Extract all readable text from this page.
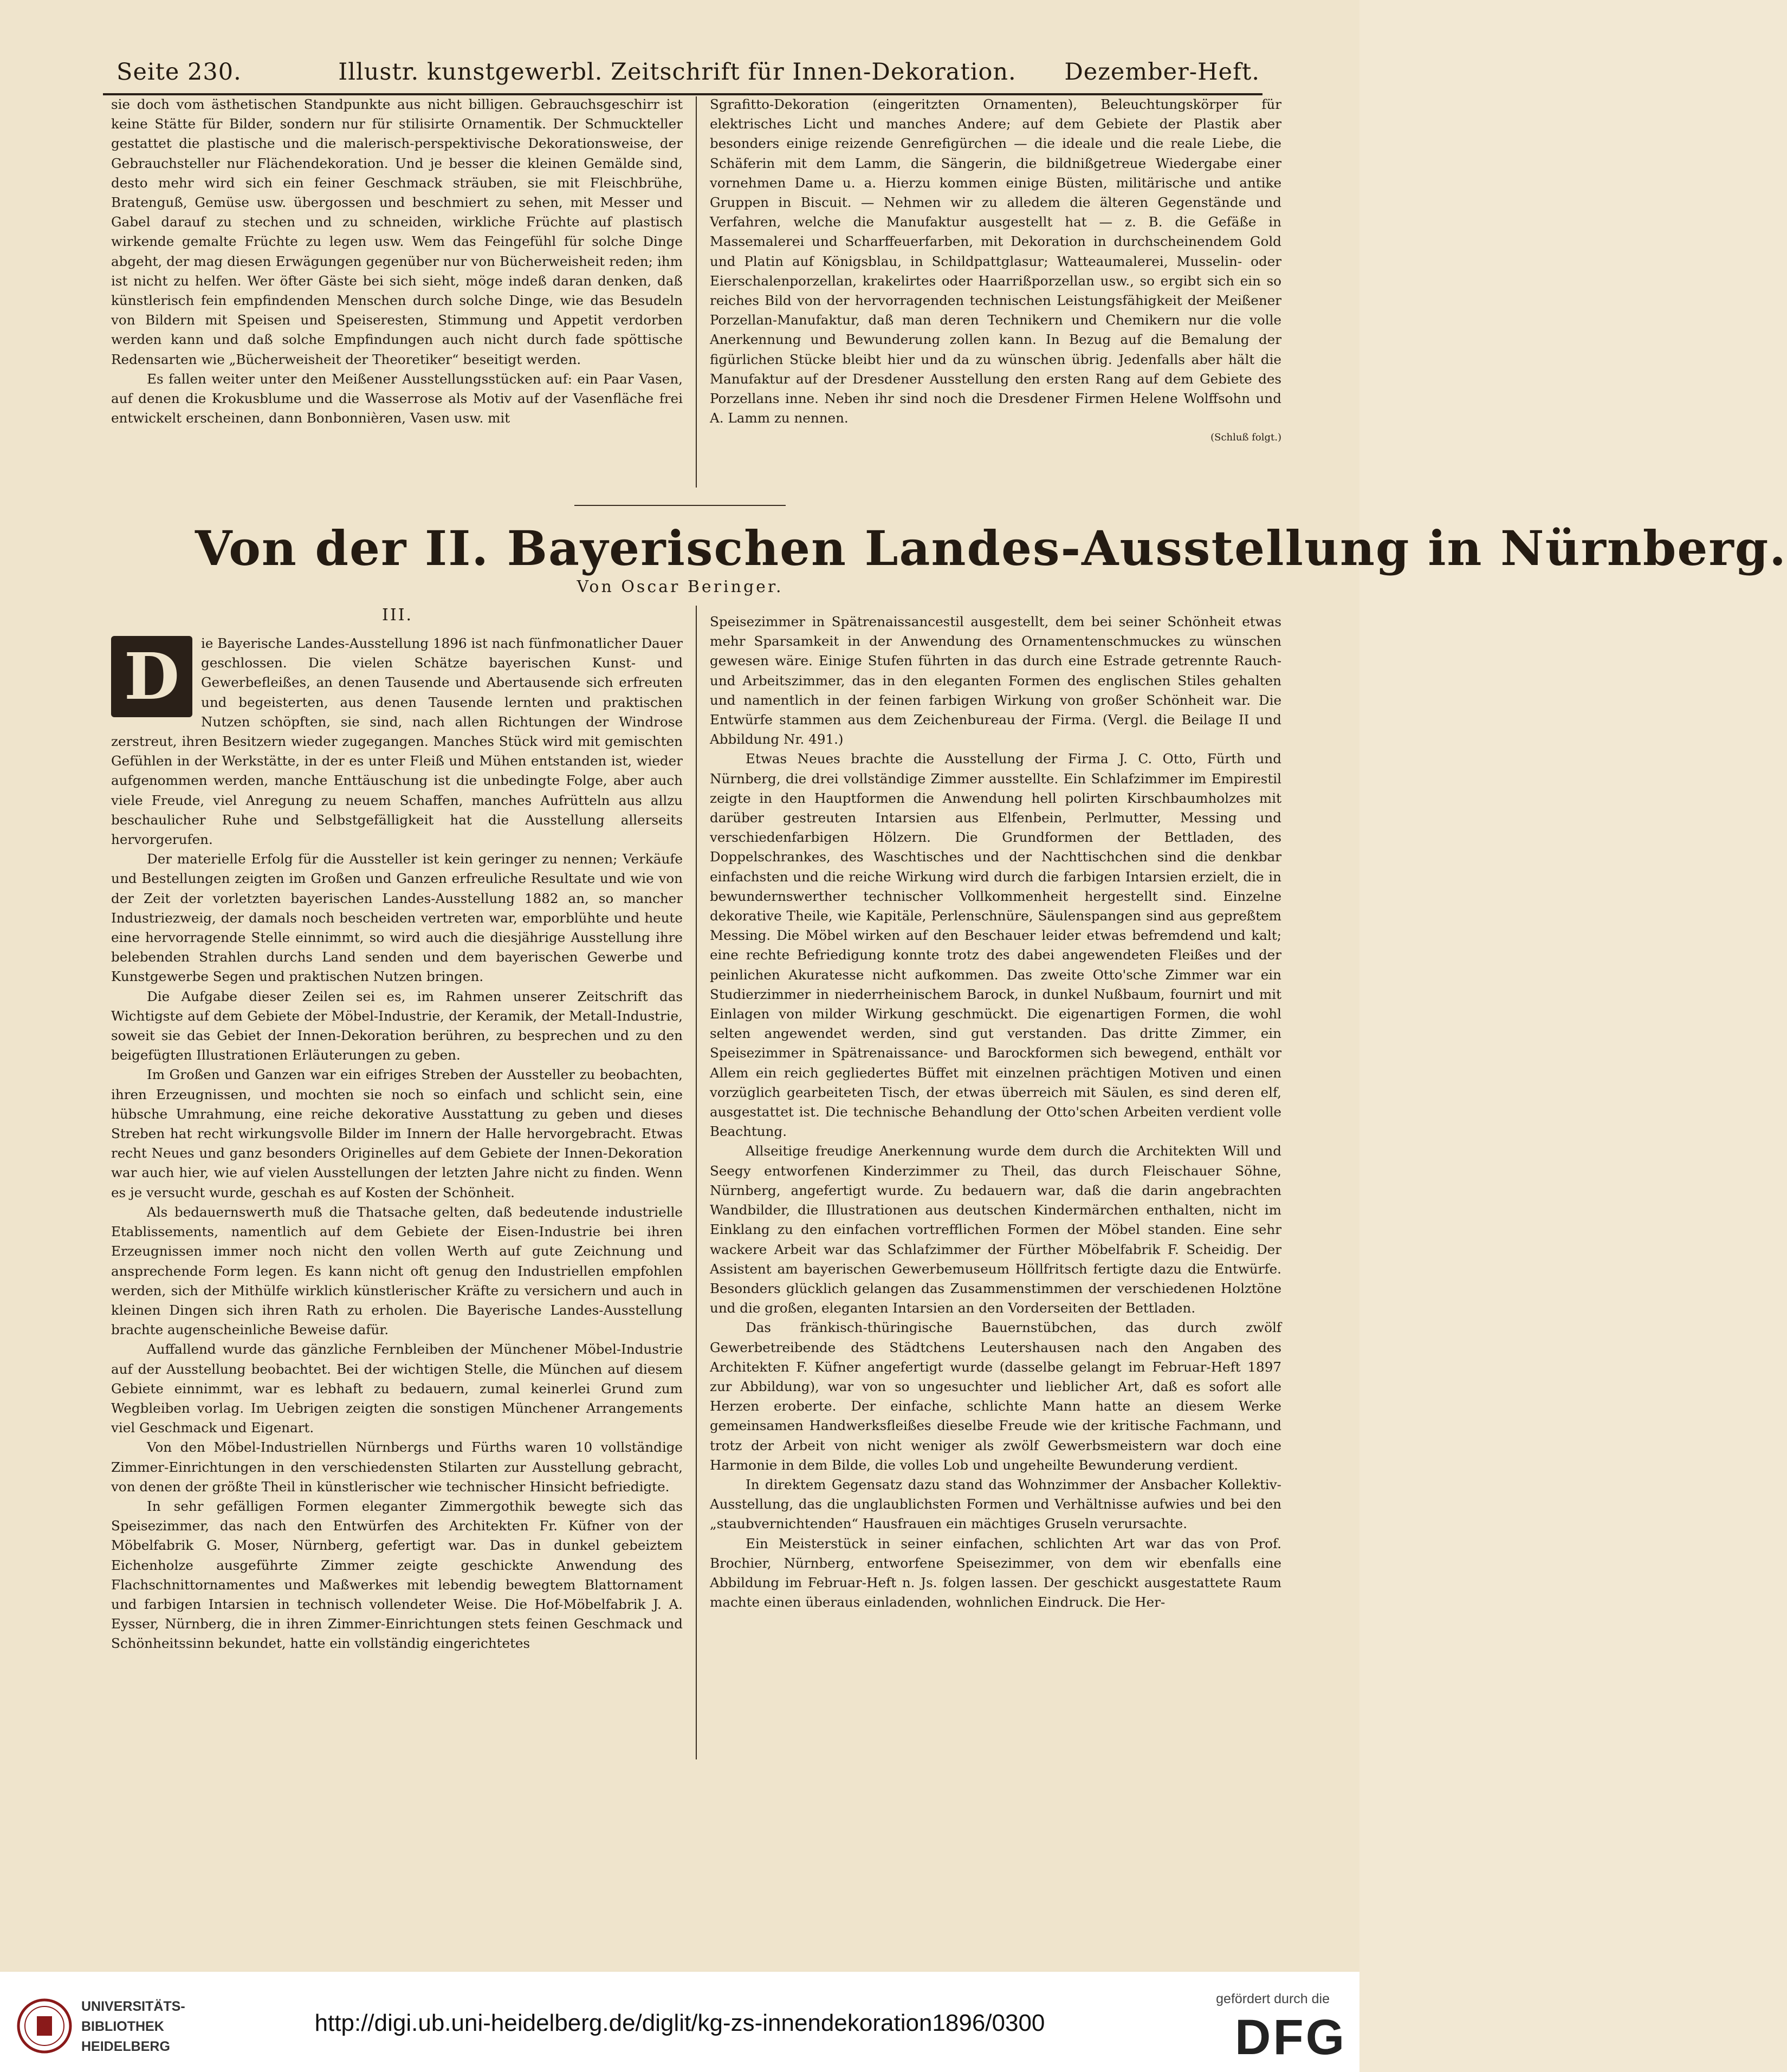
Seite 230.	Illustr. kunstgewerbl. Zeitschrift für Innen-Dekoration.	Dezember-Heft.

sie doch vom ästhetischen Standpunkte aus nicht billigen. Gebrauchsgeschirr ist keine Stätte für Bilder, sondern nur für stilisirte Ornamentik. Der Schmuckteller gestattet die plastische und die malerisch-perspektivische Dekorationsweise, der Gebrauchsteller nur Flächendekoration. Und je besser die kleinen Gemälde sind, desto mehr wird sich ein feiner Geschmack sträuben, sie mit Fleischbrühe, Bratenguß, Gemüse usw. übergossen und beschmiert zu sehen, mit Messer und Gabel darauf zu stechen und zu schneiden, wirkliche Früchte auf plastisch wirkende gemalte Früchte zu legen usw. Wem das Feingefühl für solche Dinge abgeht, der mag diesen Erwägungen gegenüber nur von Bücherweisheit reden; ihm ist nicht zu helfen. Wer öfter Gäste bei sich sieht, möge indeß daran denken, daß künstlerisch fein empfindenden Menschen durch solche Dinge, wie das Besudeln von Bildern mit Speisen und Speiseresten, Stimmung und Appetit verdorben werden kann und daß solche Empfindungen auch nicht durch fade spöttische Redensarten wie „Bücherweisheit der Theoretiker“ beseitigt werden.

Es fallen weiter unter den Meißener Ausstellungsstücken auf: ein Paar Vasen, auf denen die Krokusblume und die Wasserrose als Motiv auf der Vasenfläche frei entwickelt erscheinen, dann Bonbonnièren, Vasen usw. mit

Sgrafitto-Dekoration (eingeritzten Ornamenten), Beleuchtungskörper für elektrisches Licht und manches Andere; auf dem Gebiete der Plastik aber besonders einige reizende Genrefigürchen — die ideale und die reale Liebe, die Schäferin mit dem Lamm, die Sängerin, die bildnißgetreue Wiedergabe einer vornehmen Dame u. a. Hierzu kommen einige Büsten, militärische und antike Gruppen in Biscuit. — Nehmen wir zu alledem die älteren Gegenstände und Verfahren, welche die Manufaktur ausgestellt hat — z. B. die Gefäße in Massemalerei und Scharffeuerfarben, mit Dekoration in durchscheinendem Gold und Platin auf Königsblau, in Schildpattglasur; Watteaumalerei, Musselin- oder Eierschalenporzellan, krakelirtes oder Haarrißporzellan usw., so ergibt sich ein so reiches Bild von der hervorragenden technischen Leistungsfähigkeit der Meißener Porzellan-Manufaktur, daß man deren Technikern und Chemikern nur die volle Anerkennung und Bewunderung zollen kann. In Bezug auf die Bemalung der figürlichen Stücke bleibt hier und da zu wünschen übrig. Jedenfalls aber hält die Manufaktur auf der Dresdener Ausstellung den ersten Rang auf dem Gebiete des Porzellans inne. Neben ihr sind noch die Dresdener Firmen Helene Wolffsohn und A. Lamm zu nennen.

(Schluß folgt.)
Von der II. Bayerischen Landes-Ausstellung in Nürnberg.
Von Oscar Beringer.
III.

D	ie Bayerische Landes-Ausstellung 1896 ist nach fünfmonatlicher Dauer geschlossen. Die vielen Schätze bayerischen Kunst- und Gewerbefleißes, an denen Tausende und Abertausende sich erfreuten und begeisterten, aus denen Tausende lernten und praktischen Nutzen schöpften, sie sind, nach allen Richtungen der Windrose zerstreut, ihren Besitzern wieder zugegangen. Manches Stück wird mit gemischten Gefühlen in der Werkstätte, in der es unter Fleiß und Mühen entstanden ist, wieder aufgenommen werden, manche Enttäuschung ist die unbedingte Folge, aber auch viele Freude, viel Anregung zu neuem Schaffen, manches Aufrütteln aus allzu beschaulicher Ruhe und Selbstgefälligkeit hat die Ausstellung allerseits hervorgerufen.

Der materielle Erfolg für die Aussteller ist kein geringer zu nennen; Verkäufe und Bestellungen zeigten im Großen und Ganzen erfreuliche Resultate und wie von der Zeit der vorletzten bayerischen Landes-Ausstellung 1882 an, so mancher Industriezweig, der damals noch bescheiden vertreten war, emporblühte und heute eine hervorragende Stelle einnimmt, so wird auch die diesjährige Ausstellung ihre belebenden Strahlen durchs Land senden und dem bayerischen Gewerbe und Kunstgewerbe Segen und praktischen Nutzen bringen.

Die Aufgabe dieser Zeilen sei es, im Rahmen unserer Zeitschrift das Wichtigste auf dem Gebiete der Möbel-Industrie, der Keramik, der Metall-Industrie, soweit sie das Gebiet der Innen-Dekoration berühren, zu besprechen und zu den beigefügten Illustrationen Erläuterungen zu geben.

Im Großen und Ganzen war ein eifriges Streben der Aussteller zu beobachten, ihren Erzeugnissen, und mochten sie noch so einfach und schlicht sein, eine hübsche Umrahmung, eine reiche dekorative Ausstattung zu geben und dieses Streben hat recht wirkungsvolle Bilder im Innern der Halle hervorgebracht. Etwas recht Neues und ganz besonders Originelles auf dem Gebiete der Innen-Dekoration war auch hier, wie auf vielen Ausstellungen der letzten Jahre nicht zu finden. Wenn es je versucht wurde, geschah es auf Kosten der Schönheit.

Als bedauernswerth muß die Thatsache gelten, daß bedeutende industrielle Etablissements, namentlich auf dem Gebiete der Eisen-Industrie bei ihren Erzeugnissen immer noch nicht den vollen Werth auf gute Zeichnung und ansprechende Form legen. Es kann nicht oft genug den Industriellen empfohlen werden, sich der Mithülfe wirklich künstlerischer Kräfte zu versichern und auch in kleinen Dingen sich ihren Rath zu erholen. Die Bayerische Landes-Ausstellung brachte augenscheinliche Beweise dafür.

Auffallend wurde das gänzliche Fernbleiben der Münchener Möbel-Industrie auf der Ausstellung beobachtet. Bei der wichtigen Stelle, die München auf diesem Gebiete einnimmt, war es lebhaft zu bedauern, zumal keinerlei Grund zum Wegbleiben vorlag. Im Uebrigen zeigten die sonstigen Münchener Arrangements viel Geschmack und Eigenart.

Von den Möbel-Industriellen Nürnbergs und Fürths waren 10 vollständige Zimmer-Einrichtungen in den verschiedensten Stilarten zur Ausstellung gebracht, von denen der größte Theil in künstlerischer wie technischer Hinsicht befriedigte.

In sehr gefälligen Formen eleganter Zimmergothik bewegte sich das Speisezimmer, das nach den Entwürfen des Architekten Fr. Küfner von der Möbelfabrik G. Moser, Nürnberg, gefertigt war. Das in dunkel gebeiztem Eichenholze ausgeführte Zimmer zeigte geschickte Anwendung des Flachschnittornamentes und Maßwerkes mit lebendig bewegtem Blattornament und farbigen Intarsien in technisch vollendeter Weise. Die Hof-Möbelfabrik J. A. Eysser, Nürnberg, die in ihren Zimmer-Einrichtungen stets feinen Geschmack und Schönheitssinn bekundet, hatte ein vollständig eingerichtetes

Speisezimmer in Spätrenaissancestil ausgestellt, dem bei seiner Schönheit etwas mehr Sparsamkeit in der Anwendung des Ornamentenschmuckes zu wünschen gewesen wäre. Einige Stufen führten in das durch eine Estrade getrennte Rauch- und Arbeitszimmer, das in den eleganten Formen des englischen Stiles gehalten und namentlich in der feinen farbigen Wirkung von großer Schönheit war. Die Entwürfe stammen aus dem Zeichenbureau der Firma. (Vergl. die Beilage II und Abbildung Nr. 491.)

Etwas Neues brachte die Ausstellung der Firma J. C. Otto, Fürth und Nürnberg, die drei vollständige Zimmer ausstellte. Ein Schlafzimmer im Empirestil zeigte in den Hauptformen die Anwendung hell polirten Kirschbaumholzes mit darüber gestreuten Intarsien aus Elfenbein, Perlmutter, Messing und verschiedenfarbigen Hölzern. Die Grundformen der Bettladen, des Doppelschrankes, des Waschtisches und der Nachttischchen sind die denkbar einfachsten und die reiche Wirkung wird durch die farbigen Intarsien erzielt, die in bewundernswerther technischer Vollkommenheit hergestellt sind. Einzelne dekorative Theile, wie Kapitäle, Perlenschnüre, Säulenspangen sind aus gepreßtem Messing. Die Möbel wirken auf den Beschauer leider etwas befremdend und kalt; eine rechte Befriedigung konnte trotz des dabei angewendeten Fleißes und der peinlichen Akuratesse nicht aufkommen. Das zweite Otto'sche Zimmer war ein Studierzimmer in niederrheinischem Barock, in dunkel Nußbaum, fournirt und mit Einlagen von milder Wirkung geschmückt. Die eigenartigen Formen, die wohl selten angewendet werden, sind gut verstanden. Das dritte Zimmer, ein Speisezimmer in Spätrenaissance- und Barockformen sich bewegend, enthält vor Allem ein reich gegliedertes Büffet mit einzelnen prächtigen Motiven und einen vorzüglich gearbeiteten Tisch, der etwas überreich mit Säulen, es sind deren elf, ausgestattet ist. Die technische Behandlung der Otto'schen Arbeiten verdient volle Beachtung.

Allseitige freudige Anerkennung wurde dem durch die Architekten Will und Seegy entworfenen Kinderzimmer zu Theil, das durch Fleischauer Söhne, Nürnberg, angefertigt wurde. Zu bedauern war, daß die darin angebrachten Wandbilder, die Illustrationen aus deutschen Kindermärchen enthalten, nicht im Einklang zu den einfachen vortrefflichen Formen der Möbel standen. Eine sehr wackere Arbeit war das Schlafzimmer der Fürther Möbelfabrik F. Scheidig. Der Assistent am bayerischen Gewerbemuseum Höllfritsch fertigte dazu die Entwürfe. Besonders glücklich gelangen das Zusammenstimmen der verschiedenen Holztöne und die großen, eleganten Intarsien an den Vorderseiten der Bettladen.

Das fränkisch-thüringische Bauernstübchen, das durch zwölf Gewerbetreibende des Städtchens Leutershausen nach den Angaben des Architekten F. Küfner angefertigt wurde (dasselbe gelangt im Februar-Heft 1897 zur Abbildung), war von so ungesuchter und lieblicher Art, daß es sofort alle Herzen eroberte. Der einfache, schlichte Mann hatte an diesem Werke gemeinsamen Handwerksfleißes dieselbe Freude wie der kritische Fachmann, und trotz der Arbeit von nicht weniger als zwölf Gewerbsmeistern war doch eine Harmonie in dem Bilde, die volles Lob und ungeheilte Bewunderung verdient.

In direktem Gegensatz dazu stand das Wohnzimmer der Ansbacher Kollektiv-Ausstellung, das die unglaublichsten Formen und Verhältnisse aufwies und bei den „staubvernichtenden“ Hausfrauen ein mächtiges Gruseln verursachte.

Ein Meisterstück in seiner einfachen, schlichten Art war das von Prof. Brochier, Nürnberg, entworfene Speisezimmer, von dem wir ebenfalls eine Abbildung im Februar-Heft n. Js. folgen lassen. Der geschickt ausgestattete Raum machte einen überaus einladenden, wohnlichen Eindruck. Die Her-

UNIVERSITÄTS-
BIBLIOTHEK
HEIDELBERG
http://digi.ub.uni-heidelberg.de/diglit/kg-zs-innendekoration1896/0300
gefördert durch die
DFG
